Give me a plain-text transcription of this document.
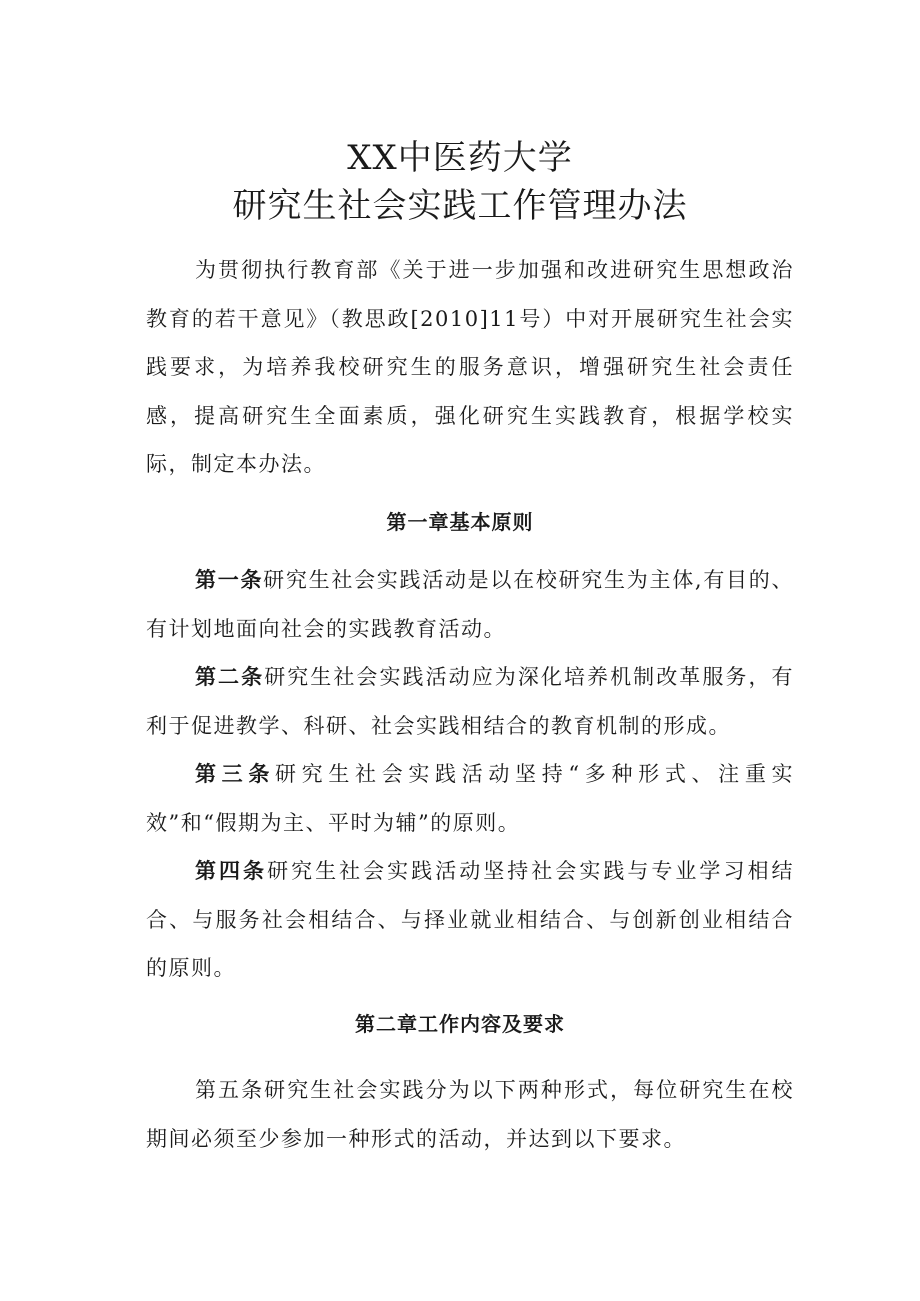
XX中医药大学
研究生社会实践工作管理办法

为贯彻执行教育部《关于进一步加强和改进研究生思想政治教育的若干意见》（教思政[2010]11号）中对开展研究生社会实践要求，为培养我校研究生的服务意识，增强研究生社会责任感，提高研究生全面素质，强化研究生实践教育，根据学校实际，制定本办法。

第一章基本原则

第一条研究生社会实践活动是以在校研究生为主体,有目的、有计划地面向社会的实践教育活动。

第二条研究生社会实践活动应为深化培养机制改革服务，有利于促进教学、科研、社会实践相结合的教育机制的形成。

第三条研究生社会实践活动坚持“多种形式、注重实效”和“假期为主、平时为辅”的原则。

第四条研究生社会实践活动坚持社会实践与专业学习相结合、与服务社会相结合、与择业就业相结合、与创新创业相结合的原则。

第二章工作内容及要求

第五条研究生社会实践分为以下两种形式，每位研究生在校期间必须至少参加一种形式的活动，并达到以下要求。
